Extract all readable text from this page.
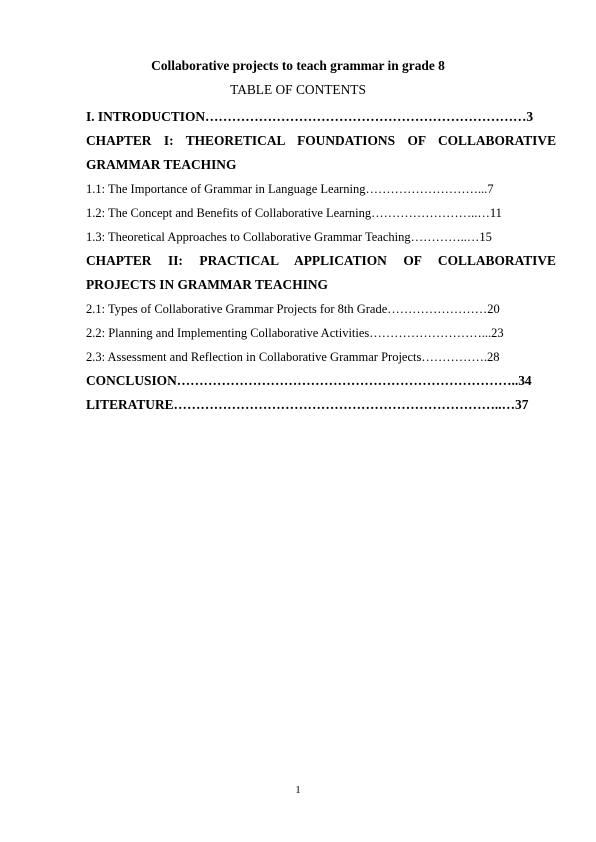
Collaborative projects to teach grammar in grade 8
TABLE OF CONTENTS
I. INTRODUCTION………………………………………………………………3
CHAPTER I: THEORETICAL FOUNDATIONS OF COLLABORATIVE
GRAMMAR TEACHING
1.1: The Importance of Grammar in Language Learning………………………...7
1.2: The Concept and Benefits of Collaborative Learning……………………..…11
1.3: Theoretical Approaches to Collaborative Grammar Teaching…………..…15
CHAPTER II: PRACTICAL APPLICATION OF COLLABORATIVE
PROJECTS IN GRAMMAR TEACHING
2.1: Types of Collaborative Grammar Projects for 8th Grade……………………20
2.2: Planning and Implementing Collaborative Activities………………………...23
2.3: Assessment and Reflection in Collaborative Grammar Projects…………….28
CONCLUSION…………………………………………………………………..34
LITERATURE………………………………………………………………..…37
1
